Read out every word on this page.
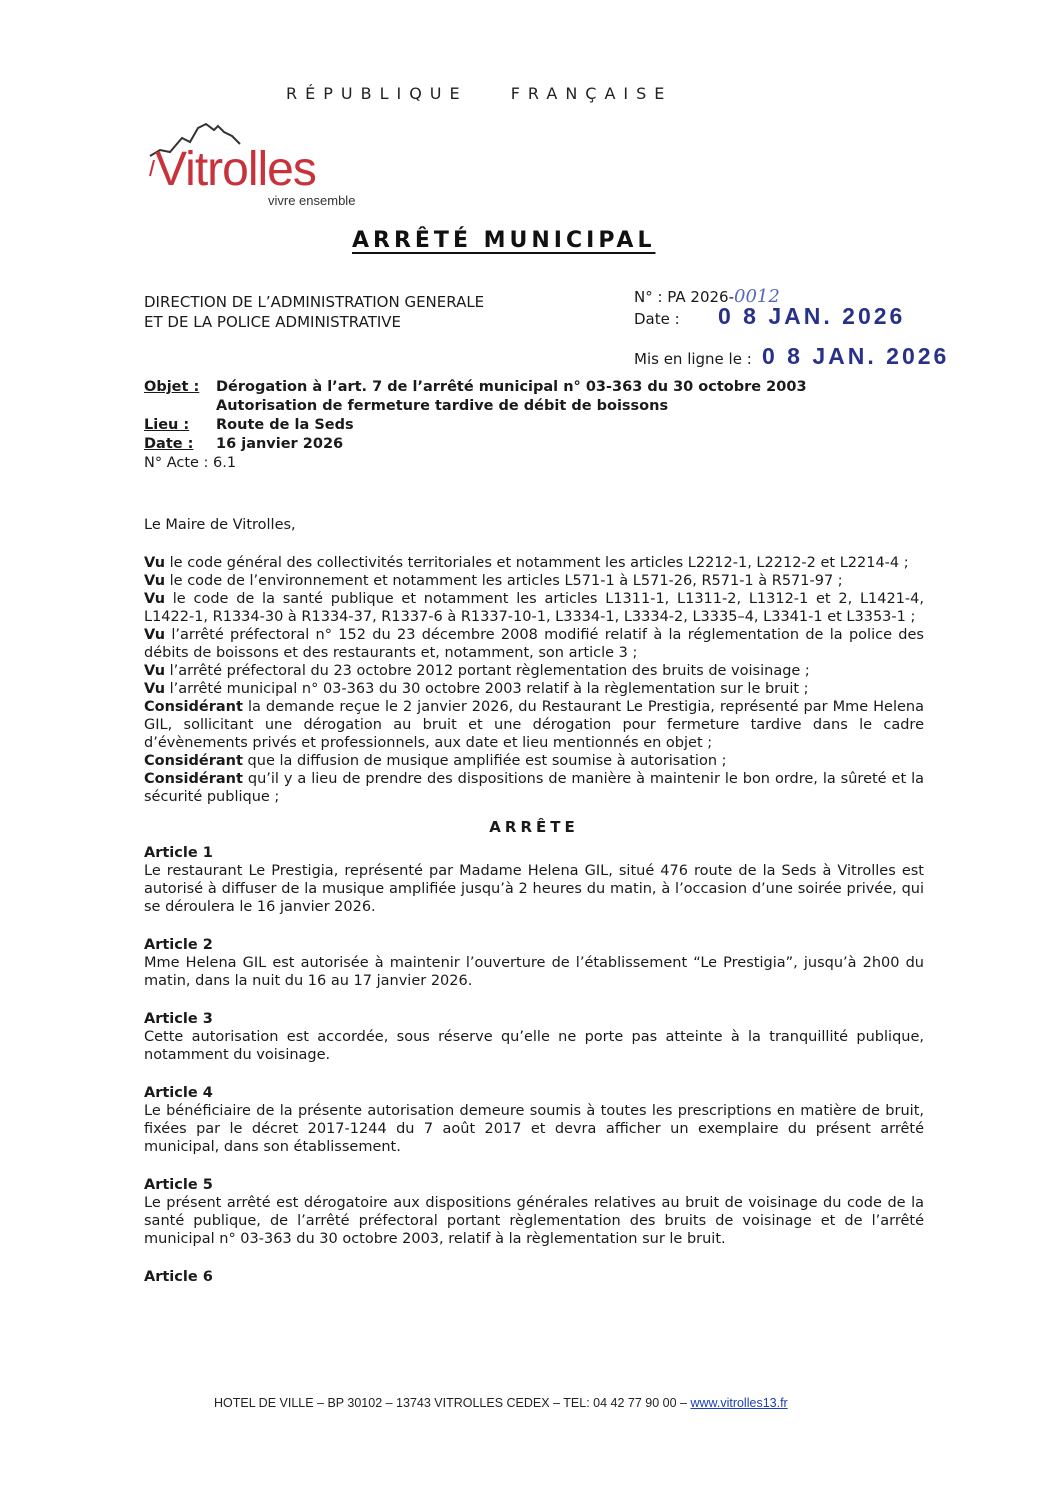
RÉPUBLIQUE FRANÇAISE
Vitrolles
vivre ensemble
ARRÊTÉ MUNICIPAL
DIRECTION DE L’ADMINISTRATION GENERALE
ET DE LA POLICE ADMINISTRATIVE
N° : PA 2026-0012
Date : 0 8 JAN. 2026
Mis en ligne le : 0 8 JAN. 2026
Objet : Dérogation à l’art. 7 de l’arrêté municipal n° 03-363 du 30 octobre 2003
Autorisation de fermeture tardive de débit de boissons
Lieu : Route de la Seds
Date : 16 janvier 2026
N° Acte : 6.1

Le Maire de Vitrolles,

Vu le code général des collectivités territoriales et notamment les articles L2212-1, L2212-2 et L2214-4 ;

Vu le code de l’environnement et notamment les articles L571-1 à L571-26, R571-1 à R571-97 ;

Vu le code de la santé publique et notamment les articles L1311-1, L1311-2, L1312-1 et 2, L1421-4, L1422-1, R1334-30 à R1334-37, R1337-6 à R1337-10-1, L3334-1, L3334-2, L3335–4, L3341-1 et L3353-1 ;

Vu l’arrêté préfectoral n° 152 du 23 décembre 2008 modifié relatif à la réglementation de la police des débits de boissons et des restaurants et, notamment, son article 3 ;

Vu l’arrêté préfectoral du 23 octobre 2012 portant règlementation des bruits de voisinage ;

Vu l’arrêté municipal n° 03-363 du 30 octobre 2003 relatif à la règlementation sur le bruit ;

Considérant la demande reçue le 2 janvier 2026, du Restaurant Le Prestigia, représenté par Mme Helena GIL, sollicitant une dérogation au bruit et une dérogation pour fermeture tardive dans le cadre d’évènements privés et professionnels, aux date et lieu mentionnés en objet ;

Considérant que la diffusion de musique amplifiée est soumise à autorisation ;

Considérant qu’il y a lieu de prendre des dispositions de manière à maintenir le bon ordre, la sûreté et la sécurité publique ;

ARRÊTE

Article 1

Le restaurant Le Prestigia, représenté par Madame Helena GIL, situé 476 route de la Seds à Vitrolles est autorisé à diffuser de la musique amplifiée jusqu’à 2 heures du matin, à l’occasion d’une soirée privée, qui se déroulera le 16 janvier 2026.

Article 2

Mme Helena GIL est autorisée à maintenir l’ouverture de l’établissement “Le Prestigia”, jusqu’à 2h00 du matin, dans la nuit du 16 au 17 janvier 2026.

Article 3

Cette autorisation est accordée, sous réserve qu’elle ne porte pas atteinte à la tranquillité publique, notamment du voisinage.

Article 4

Le bénéficiaire de la présente autorisation demeure soumis à toutes les prescriptions en matière de bruit, fixées par le décret 2017-1244 du 7 août 2017 et devra afficher un exemplaire du présent arrêté municipal, dans son établissement.

Article 5

Le présent arrêté est dérogatoire aux dispositions générales relatives au bruit de voisinage du code de la santé publique, de l’arrêté préfectoral portant règlementation des bruits de voisinage et de l’arrêté municipal n° 03-363 du 30 octobre 2003, relatif à la règlementation sur le bruit.

Article 6

HOTEL DE VILLE – BP 30102 – 13743 VITROLLES CEDEX – TEL: 04 42 77 90 00 – www.vitrolles13.fr
